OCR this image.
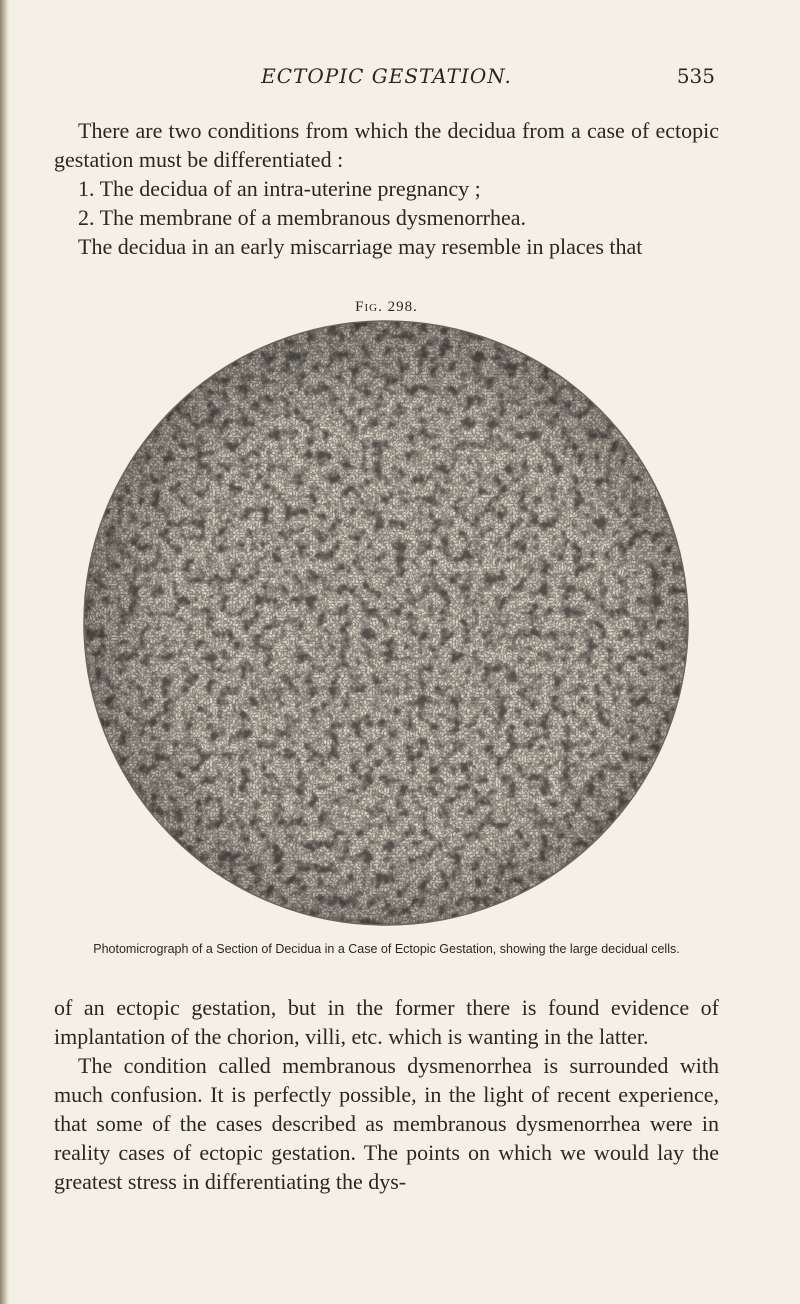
ECTOPIC GESTATION.	535

There are two conditions from which the decidua from a case of ectopic gestation must be differentiated :

1. The decidua of an intra-uterine pregnancy ;

2. The membrane of a membranous dysmenorrhea.

The decidua in an early miscarriage may resemble in places that

Fig. 298.
Photomicrograph of a Section of Decidua in a Case of Ectopic Gestation, showing the large decidual cells.

of an ectopic gestation, but in the former there is found evidence of implantation of the chorion, villi, etc. which is wanting in the latter.

The condition called membranous dysmenorrhea is surrounded with much confusion. It is perfectly possible, in the light of recent experience, that some of the cases described as membranous dysmenorrhea were in reality cases of ectopic gestation. The points on which we would lay the greatest stress in differentiating the dys-
